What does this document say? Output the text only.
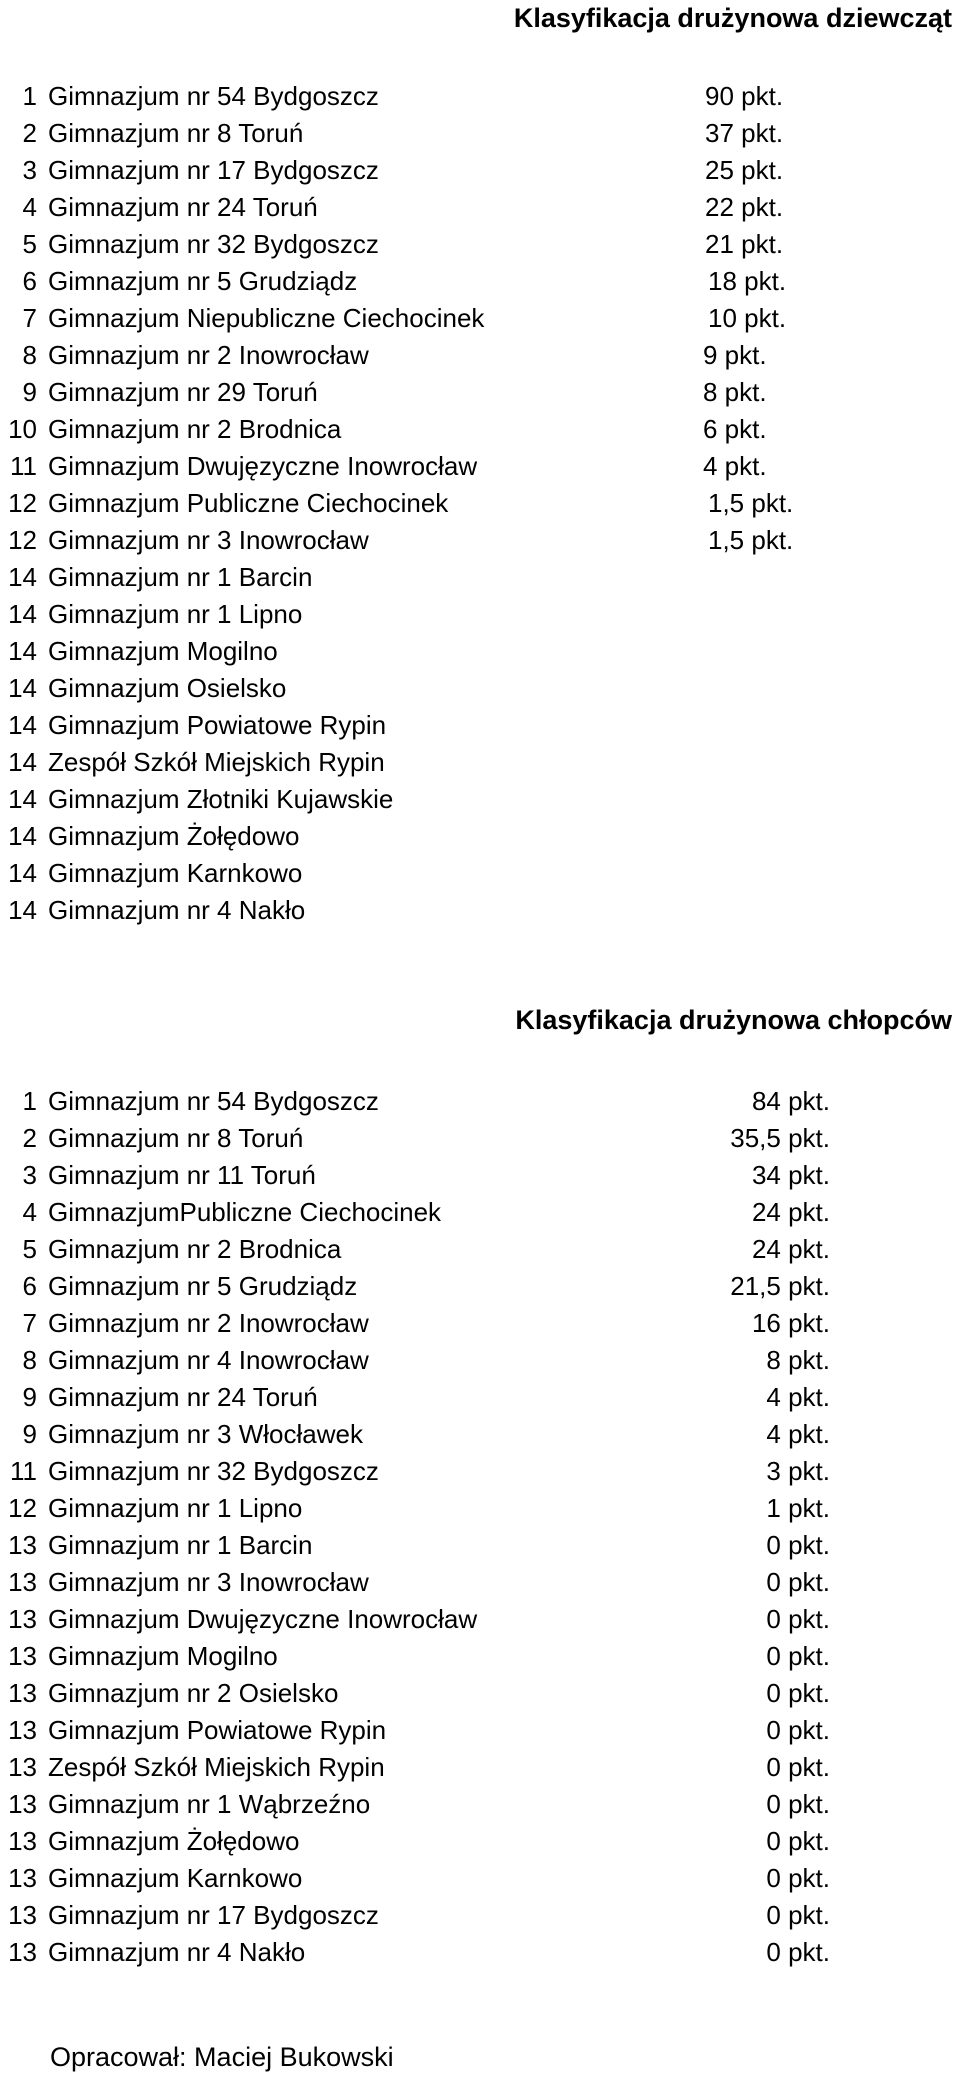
Klasyfikacja drużynowa dziewcząt
1 Gimnazjum nr 54 Bydgoszcz	90 pkt.
2 Gimnazjum nr 8 Toruń	37 pkt.
3 Gimnazjum nr 17 Bydgoszcz	25 pkt.
4 Gimnazjum nr 24 Toruń	22 pkt.
5 Gimnazjum nr 32 Bydgoszcz	21 pkt.
6 Gimnazjum nr 5 Grudziądz	18 pkt.
7 Gimnazjum Niepubliczne Ciechocinek	10 pkt.
8 Gimnazjum nr 2 Inowrocław	9 pkt.
9 Gimnazjum nr 29 Toruń	8 pkt.
10 Gimnazjum nr 2 Brodnica	6 pkt.
11 Gimnazjum Dwujęzyczne Inowrocław	4 pkt.
12 Gimnazjum Publiczne Ciechocinek	1,5 pkt.
12 Gimnazjum nr 3 Inowrocław	1,5 pkt.
14 Gimnazjum nr 1 Barcin
14 Gimnazjum nr 1 Lipno
14 Gimnazjum Mogilno
14 Gimnazjum Osielsko
14 Gimnazjum Powiatowe Rypin
14 Zespół Szkół Miejskich Rypin
14 Gimnazjum Złotniki Kujawskie
14 Gimnazjum Żołędowo
14 Gimnazjum Karnkowo
14 Gimnazjum nr 4 Nakło
Klasyfikacja drużynowa chłopców
1 Gimnazjum nr 54 Bydgoszcz	84 pkt.
2 Gimnazjum nr 8 Toruń	35,5 pkt.
3 Gimnazjum nr 11 Toruń	34 pkt.
4 GimnazjumPubliczne Ciechocinek	24 pkt.
5 Gimnazjum nr 2 Brodnica	24 pkt.
6 Gimnazjum nr 5 Grudziądz	21,5 pkt.
7 Gimnazjum nr 2 Inowrocław	16 pkt.
8 Gimnazjum nr 4 Inowrocław	8 pkt.
9 Gimnazjum nr 24 Toruń	4 pkt.
9 Gimnazjum nr 3 Włocławek	4 pkt.
11 Gimnazjum nr 32 Bydgoszcz	3 pkt.
12 Gimnazjum nr 1 Lipno	1 pkt.
13 Gimnazjum nr 1 Barcin	0 pkt.
13 Gimnazjum nr 3 Inowrocław	0 pkt.
13 Gimnazjum Dwujęzyczne Inowrocław	0 pkt.
13 Gimnazjum Mogilno	0 pkt.
13 Gimnazjum nr 2 Osielsko	0 pkt.
13 Gimnazjum Powiatowe Rypin	0 pkt.
13 Zespół Szkół Miejskich Rypin	0 pkt.
13 Gimnazjum nr 1 Wąbrzeźno	0 pkt.
13 Gimnazjum Żołędowo	0 pkt.
13 Gimnazjum Karnkowo	0 pkt.
13 Gimnazjum nr 17 Bydgoszcz	0 pkt.
13 Gimnazjum nr 4 Nakło	0 pkt.
Opracował: Maciej Bukowski
